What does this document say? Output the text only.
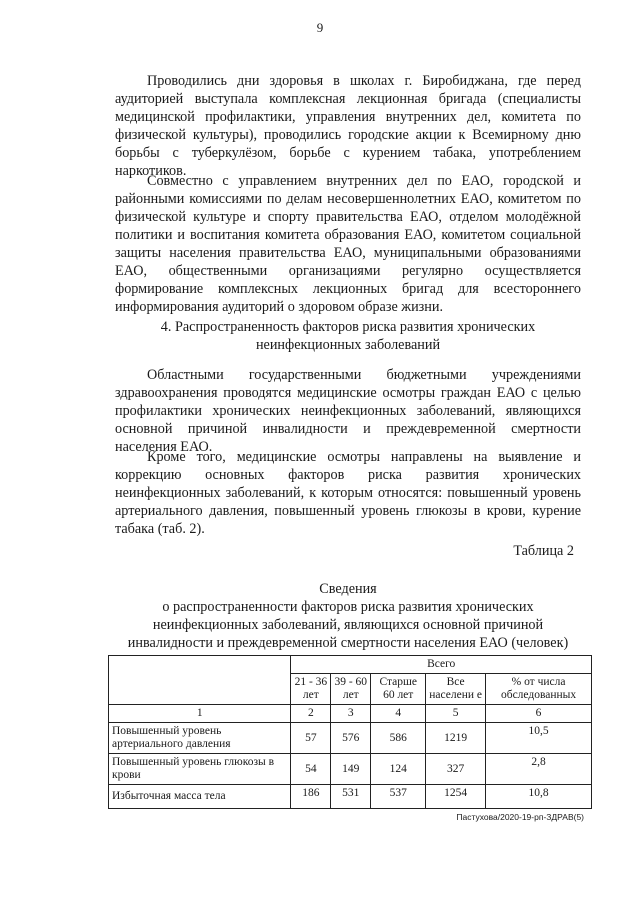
9

Проводились дни здоровья в школах г. Биробиджана, где перед аудиторией выступала комплексная лекционная бригада (специалисты медицинской профилактики, управления внутренних дел, комитета по физической культуры), проводились городские акции к Всемирному дню борьбы с туберкулёзом, борьбе с курением табака, употреблением наркотиков.

Совместно с управлением внутренних дел по ЕАО, городской и районными комиссиями по делам несовершеннолетних ЕАО, комитетом по физической культуре и спорту правительства ЕАО, отделом молодёжной политики и воспитания комитета образования ЕАО, комитетом социальной защиты населения правительства ЕАО, муниципальными образованиями ЕАО, общественными организациями регулярно осуществляется формирование комплексных лекционных бригад для всестороннего информирования аудиторий о здоровом образе жизни.

4. Распространенность факторов риска развития хронических
неинфекционных заболеваний

Областными государственными бюджетными учреждениями здравоохранения проводятся медицинские осмотры граждан ЕАО с целью профилактики хронических неинфекционных заболеваний, являющихся основной причиной инвалидности и преждевременной смертности населения ЕАО.

Кроме того, медицинские осмотры направлены на выявление и коррекцию основных факторов риска развития хронических неинфекционных заболеваний, к которым относятся: повышенный уровень артериального давления, повышенный уровень глюкозы в крови, курение табака (таб. 2).

Таблица 2
Сведения
о распространенности факторов риска развития хронических
неинфекционных заболеваний, являющихся основной причиной
инвалидности и преждевременной смертности населения ЕАО (человек)
	Всего				
	21 - 36 лет	39 - 60 лет	Старше 60 лет	Все населени е	% от числа обследованных
1	2	3	4	5	6
Повышенный уровень артериального давления	57	576	586	1219	10,5
Повышенный уровень глюкозы в крови	54	149	124	327	2,8
Избыточная масса тела	186	531	537	1254	10,8
Пастухова/2020-19-рп-ЗДРАВ(5)
